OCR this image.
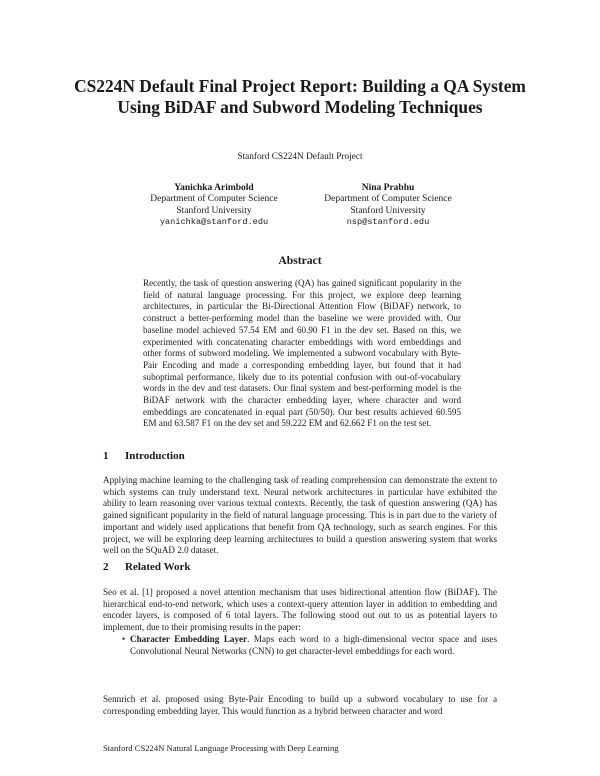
CS224N Default Final Project Report: Building a QA System Using BiDAF and Subword Modeling Techniques
Stanford CS224N Default Project
Yanichka Arimbold
Department of Computer Science
Stanford University
yanichka@stanford.edu
Nina Prabhu
Department of Computer Science
Stanford University
nsp@stanford.edu
Abstract

Recently, the task of question answering (QA) has gained significant popularity in the field of natural language processing. For this project, we explore deep learning architectures, in particular the Bi-Directional Attention Flow (BiDAF) network, to construct a better-performing model than the baseline we were provided with. Our baseline model achieved 57.54 EM and 60.90 F1 in the dev set. Based on this, we experimented with concatenating character embeddings with word embeddings and other forms of subword modeling. We implemented a subword vocabulary with Byte-Pair Encoding and made a corresponding embedding layer, but found that it had suboptimal performance, likely due to its potential confusion with out-of-vocabulary words in the dev and test datasets. Our final system and best-performing model is the BiDAF network with the character embedding layer, where character and word embeddings are concatenated in equal part (50/50). Our best results achieved 60.595 EM and 63.587 F1 on the dev set and 59.222 EM and 62.662 F1 on the test set.

1 Introduction

Applying machine learning to the challenging task of reading comprehension can demonstrate the extent to which systems can truly understand text. Neural network architectures in particular have exhibited the ability to learn reasoning over various textual contexts. Recently, the task of question answering (QA) has gained significant popularity in the field of natural language processing. This is in part due to the variety of important and widely used applications that benefit from QA technology, such as search engines. For this project, we will be exploring deep learning architectures to build a question answering system that works well on the SQuAD 2.0 dataset.

2 Related Work

Seo et al. [1] proposed a novel attention mechanism that uses bidirectional attention flow (BiDAF). The hierarchical end-to-end network, which uses a context-query attention layer in addition to embedding and encoder layers, is composed of 6 total layers. The following stood out out to us as potential layers to implement, due to their promising results in the paper:

• Character Embedding Layer. Maps each word to a high-dimensional vector space and uses Convolutional Neural Networks (CNN) to get character-level embeddings for each word.

Sennrich et al. proposed using Byte-Pair Encoding to build up a subword vocabulary to use for a corresponding embedding layer. This would function as a hybrid between character and word

Stanford CS224N Natural Language Processing with Deep Learning
